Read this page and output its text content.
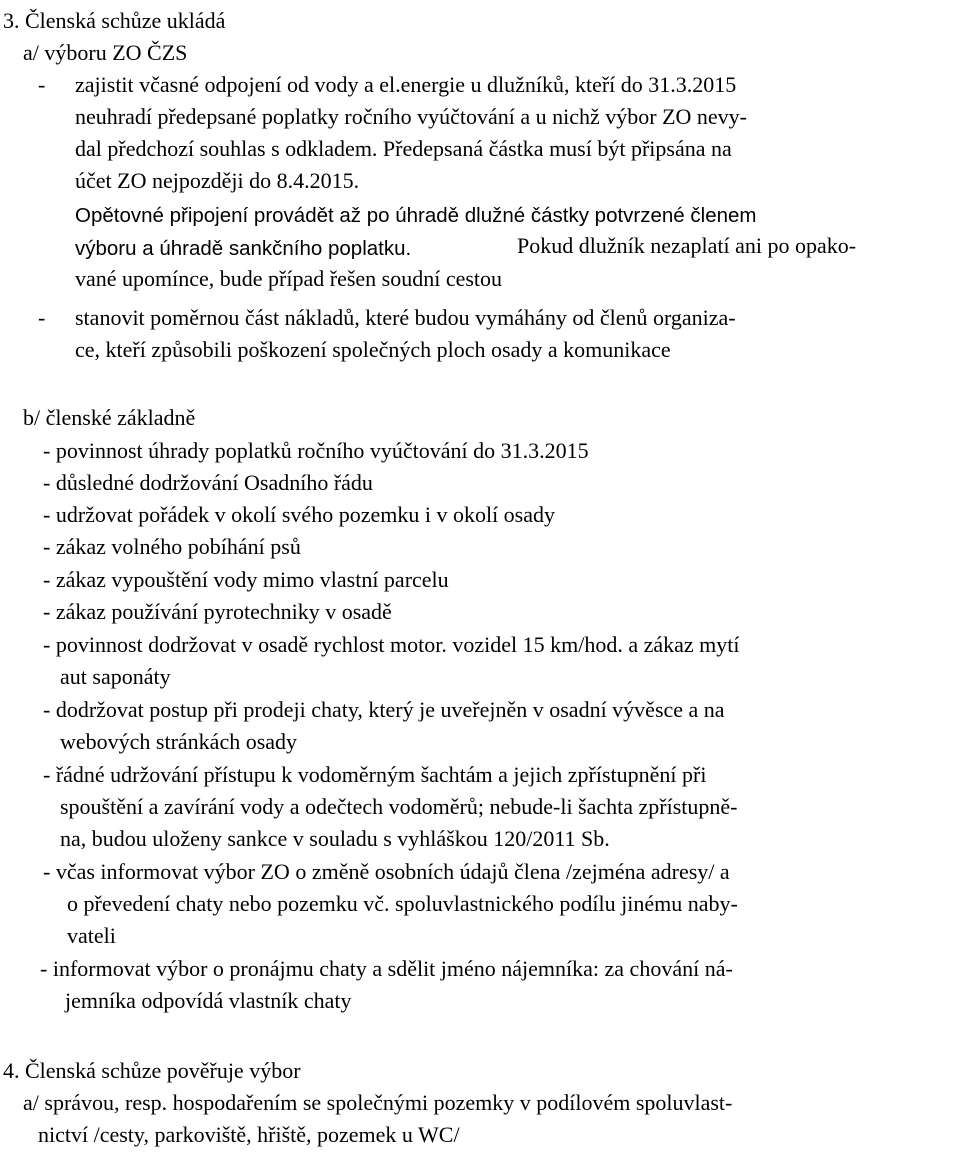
3. Členská schůze ukládá

a/ výboru ZO ČZS

- zajistit včasné odpojení od vody a el.energie u dlužníků, kteří do 31.3.2015

neuhradí předepsané poplatky ročního vyúčtování a u nichž výbor ZO nevy-

dal předchozí souhlas s odkladem. Předepsaná částka musí být připsána na

účet ZO nejpozději do 8.4.2015.

Opětovné připojení provádět až po úhradě dlužné částky potvrzené členem

výboru a úhradě sankčního poplatku.	Pokud dlužník nezaplatí ani po opako-

vané upomínce, bude případ řešen soudní cestou

- stanovit poměrnou část nákladů, které budou vymáhány od členů organiza-

ce, kteří způsobili poškození společných ploch osady a komunikace

b/ členské základně

- povinnost úhrady poplatků ročního vyúčtování do 31.3.2015

- důsledné dodržování Osadního řádu

- udržovat pořádek v okolí svého pozemku i v okolí osady

- zákaz volného pobíhání psů

- zákaz vypouštění vody mimo vlastní parcelu

- zákaz používání pyrotechniky v osadě

- povinnost dodržovat v osadě rychlost motor. vozidel 15 km/hod. a zákaz mytí

aut saponáty

- dodržovat postup při prodeji chaty, který je uveřejněn v osadní vývěsce a na

webových stránkách osady

- řádné udržování přístupu k vodoměrným šachtám a jejich zpřístupnění při

spouštění a zavírání vody a odečtech vodoměrů; nebude-li šachta zpřístupně-

na, budou uloženy sankce v souladu s vyhláškou 120/2011 Sb.

- včas informovat výbor ZO o změně osobních údajů člena /zejména adresy/ a

o převedení chaty nebo pozemku vč. spoluvlastnického podílu jinému naby-

vateli

- informovat výbor o pronájmu chaty a sdělit jméno nájemníka: za chování ná-

jemníka odpovídá vlastník chaty

4. Členská schůze pověřuje výbor

a/ správou, resp. hospodařením se společnými pozemky v podílovém spoluvlast-

nictví /cesty, parkoviště, hřiště, pozemek u WC/
